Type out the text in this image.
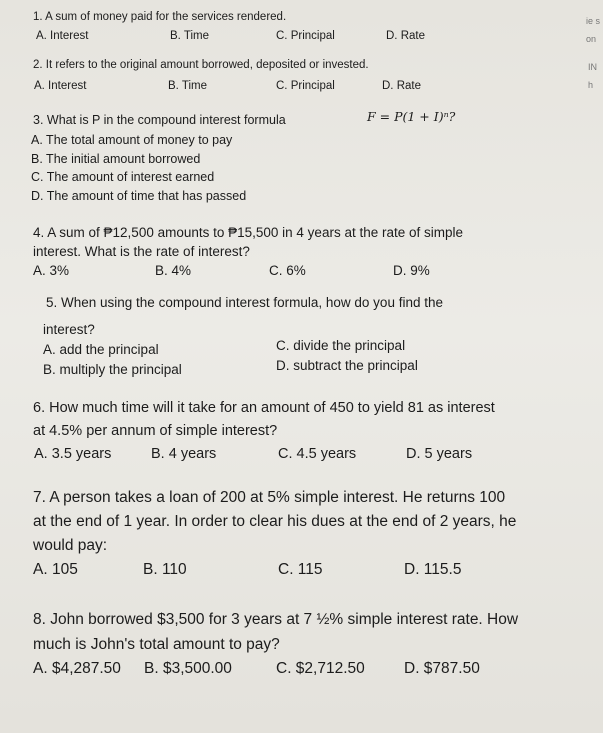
1. A sum of money paid for the services rendered.
A. Interest	B. Time	C. Principal	D. Rate
2. It refers to the original amount borrowed, deposited or invested.
A. Interest	B. Time	C. Principal	D. Rate
3. What is P in the compound interest formula	F = P(1 + I)ⁿ?
A. The total amount of money to pay
B. The initial amount borrowed
C. The amount of interest earned
D. The amount of time that has passed
4. A sum of ₱12,500 amounts to ₱15,500 in 4 years at the rate of simple
interest. What is the rate of interest?
A. 3%	B. 4%	C. 6%	D. 9%
5. When using the compound interest formula, how do you find the
interest?
A. add the principal	C. divide the principal
B. multiply the principal	D. subtract the principal
6. How much time will it take for an amount of 450 to yield 81 as interest
at 4.5% per annum of simple interest?
A. 3.5 years	B. 4 years	C. 4.5 years	D. 5 years
7. A person takes a loan of 200 at 5% simple interest. He returns 100
at the end of 1 year. In order to clear his dues at the end of 2 years, he
would pay:
A. 105	B. 110	C. 115	D. 115.5
8. John borrowed $3,500 for 3 years at 7 ½% simple interest rate. How
much is John's total amount to pay?
A. $4,287.50 B. $3,500.00	C. $2,712.50	D. $787.50
ie s
on
IN
h
